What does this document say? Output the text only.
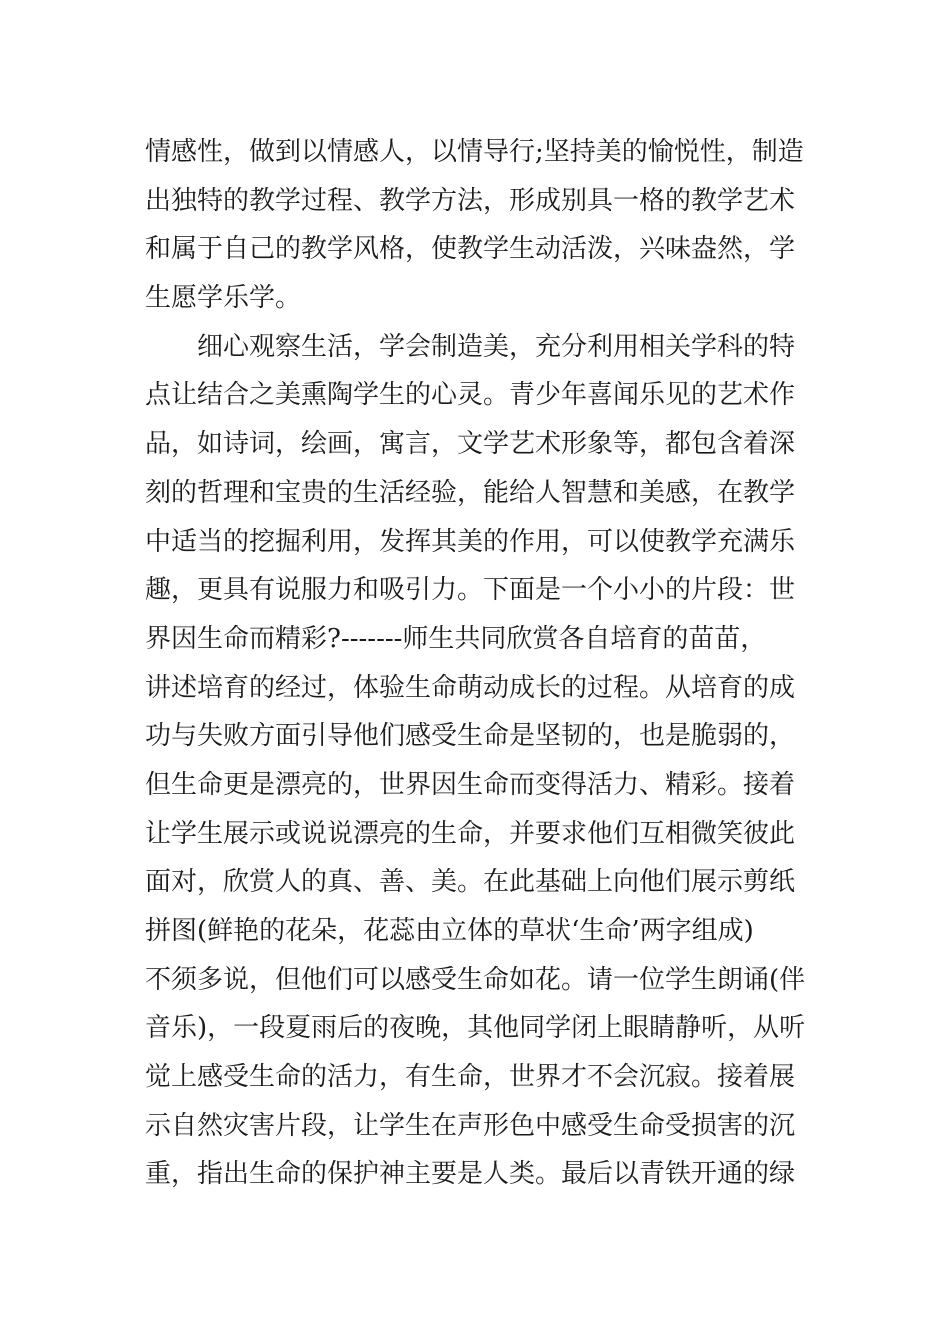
情感性，做到以情感人，以情导行;坚持美的愉悦性，制造
出独特的教学过程、教学方法，形成别具一格的教学艺术
和属于自己的教学风格，使教学生动活泼，兴味盎然，学
生愿学乐学。
　　细心观察生活，学会制造美，充分利用相关学科的特
点让结合之美熏陶学生的心灵。青少年喜闻乐见的艺术作
品，如诗词，绘画，寓言，文学艺术形象等，都包含着深
刻的哲理和宝贵的生活经验，能给人智慧和美感，在教学
中适当的挖掘利用，发挥其美的作用，可以使教学充满乐
趣，更具有说服力和吸引力。下面是一个小小的片段：世
界因生命而精彩?-------师生共同欣赏各自培育的苗苗，
讲述培育的经过，体验生命萌动成长的过程。从培育的成
功与失败方面引导他们感受生命是坚韧的，也是脆弱的，
但生命更是漂亮的，世界因生命而变得活力、精彩。接着
让学生展示或说说漂亮的生命，并要求他们互相微笑彼此
面对，欣赏人的真、善、美。在此基础上向他们展示剪纸
拼图(鲜艳的花朵，花蕊由立体的草状‘生命’两字组成)
不须多说，但他们可以感受生命如花。请一位学生朗诵(伴
音乐)，一段夏雨后的夜晚，其他同学闭上眼睛静听，从听
觉上感受生命的活力，有生命，世界才不会沉寂。接着展
示自然灾害片段，让学生在声形色中感受生命受损害的沉
重，指出生命的保护神主要是人类。最后以青铁开通的绿
